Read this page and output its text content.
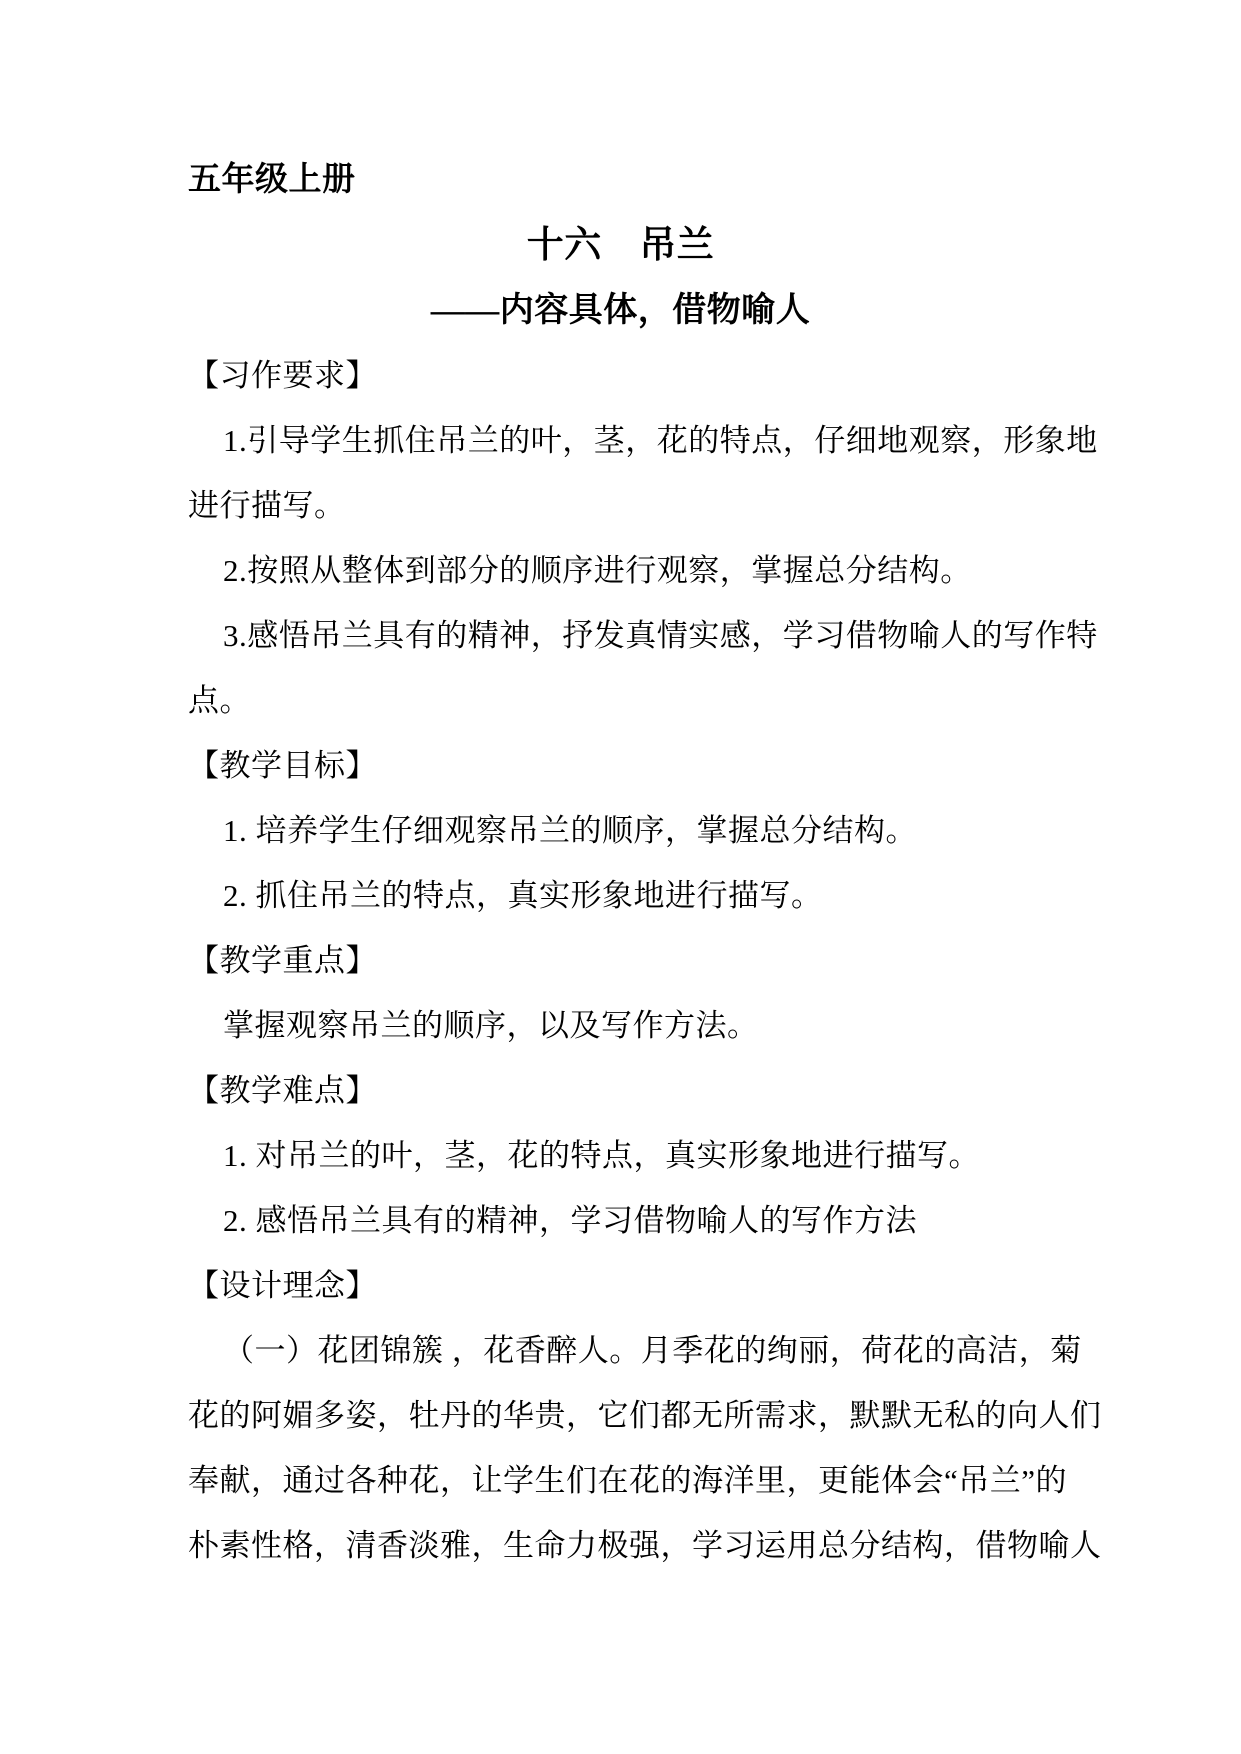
五年级上册
十六　吊兰
——内容具体，借物喻人
【习作要求】
1.引导学生抓住吊兰的叶，茎，花的特点，仔细地观察，形象地
进行描写。
2.按照从整体到部分的顺序进行观察，掌握总分结构。
3.感悟吊兰具有的精神，抒发真情实感，学习借物喻人的写作特
点。
【教学目标】
1. 培养学生仔细观察吊兰的顺序，掌握总分结构。
2. 抓住吊兰的特点，真实形象地进行描写。
【教学重点】
掌握观察吊兰的顺序，以及写作方法。
【教学难点】
1. 对吊兰的叶，茎，花的特点，真实形象地进行描写。
2. 感悟吊兰具有的精神，学习借物喻人的写作方法
【设计理念】
（一）花团锦簇 ，花香醉人。月季花的绚丽，荷花的高洁，菊
花的阿媚多姿，牡丹的华贵，它们都无所需求，默默无私的向人们
奉献，通过各种花，让学生们在花的海洋里，更能体会“吊兰”的
朴素性格，清香淡雅，生命力极强，学习运用总分结构，借物喻人
